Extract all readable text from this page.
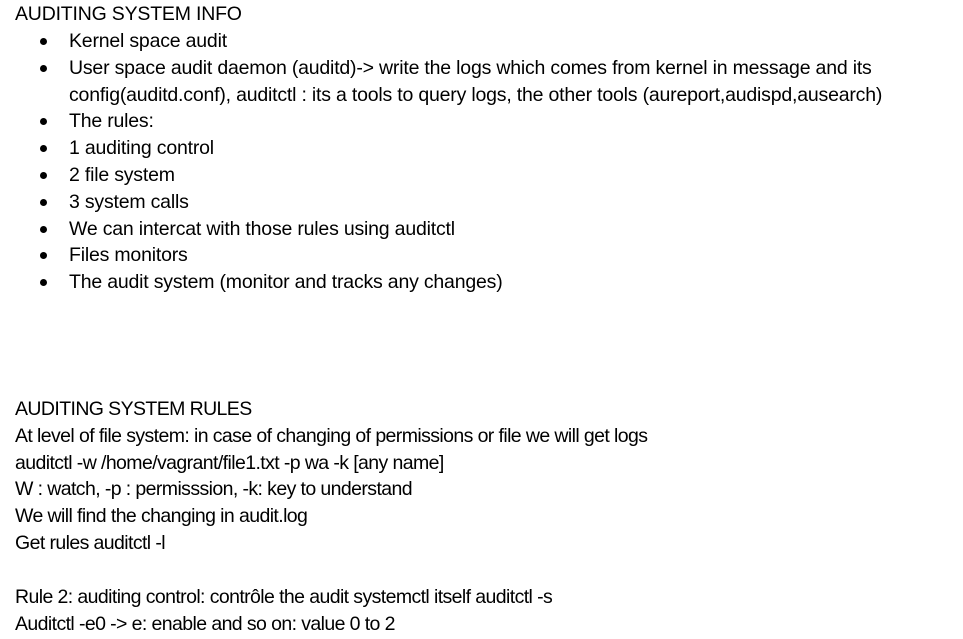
AUDITING SYSTEM INFO
Kernel space audit
User space audit daemon (auditd)-> write the logs which comes from kernel in message and its
config(auditd.conf), auditctl : its a tools to query logs, the other tools (aureport,audispd,ausearch)
The rules:
1 auditing control
2 file system
3 system calls
We can intercat with those rules using auditctl
Files monitors
The audit system (monitor and tracks any changes)
AUDITING SYSTEM RULES
At level of file system: in case of changing of permissions or file we will get logs
auditctl -w /home/vagrant/file1.txt -p wa -k [any name]
W : watch, -p : permisssion, -k: key to understand
We will find the changing in audit.log
Get rules auditctl -l
Rule 2: auditing control: contrôle the audit systemctl itself auditctl -s
Auditctl -e0 -> e: enable and so on: value 0 to 2
